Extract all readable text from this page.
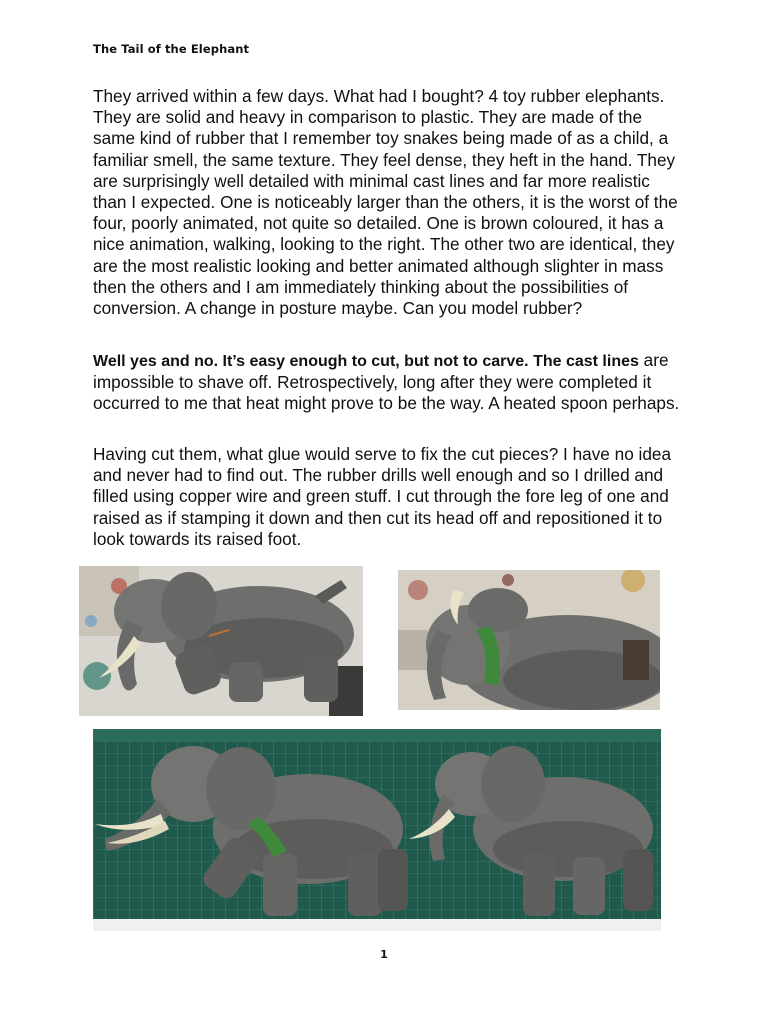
The Tail of the Elephant
They arrived within a few days. What had I bought? 4 toy rubber elephants. They are solid and heavy in comparison to plastic. They are made of the same kind of rubber that I remember toy snakes being made of as a child, a familiar smell, the same texture. They feel dense, they heft in the hand. They are surprisingly well detailed with minimal cast lines and far more realistic than I expected. One is noticeably larger than the others, it is the worst of the four, poorly animated, not quite so detailed. One is brown coloured, it has a nice animation, walking, looking to the right. The other two are identical, they are the most realistic looking and better animated although slighter in mass then the others and I am immediately thinking about the possibilities of conversion. A change in posture maybe. Can you model rubber?
Well yes and no. It’s easy enough to cut, but not to carve. The cast lines are impossible to shave off. Retrospectively, long after they were completed it occurred to me that heat might prove to be the way. A heated spoon perhaps.
Having cut them, what glue would serve to fix the cut pieces? I have no idea and never had to find out. The rubber drills well enough and so I drilled and filled using copper wire and green stuff. I cut through the fore leg of one and raised as if stamping it down and then cut its head off and repositioned it to look towards its raised foot.
1
